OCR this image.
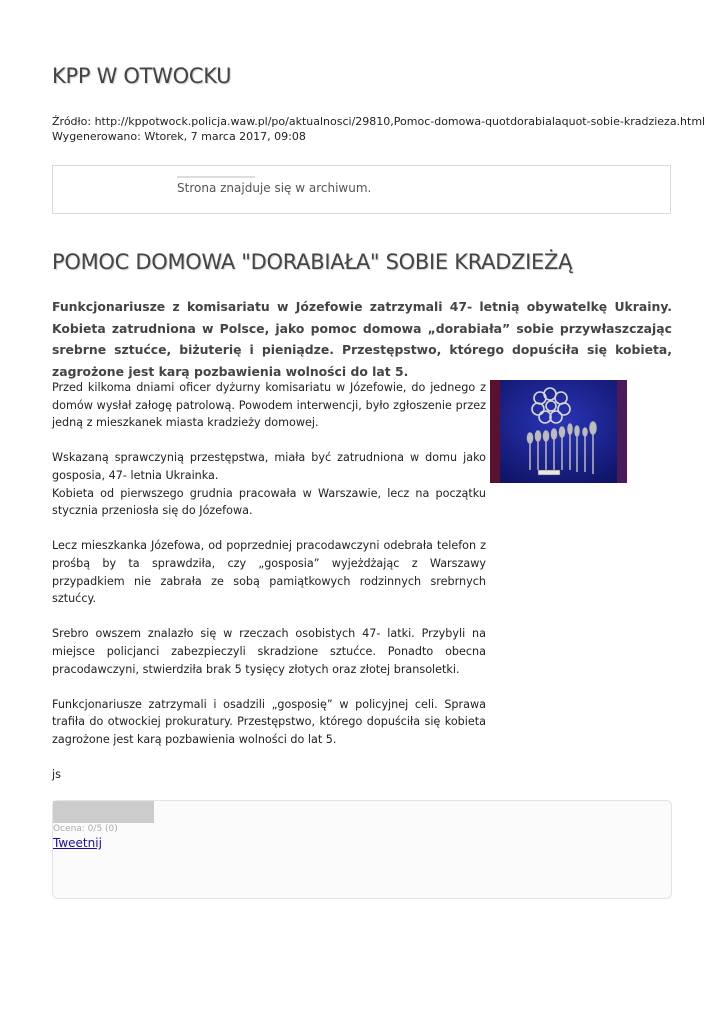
KPP W OTWOCKU
Źródło: http://kppotwock.policja.waw.pl/po/aktualnosci/29810,Pomoc-domowa-quotdorabialaquot-sobie-kradzieza.html
Wygenerowano: Wtorek, 7 marca 2017, 09:08
Strona znajduje się w archiwum.
POMOC DOMOWA "DORABIAŁA" SOBIE KRADZIEŻĄ

Funkcjonariusze z komisariatu w Józefowie zatrzymali 47- letnią obywatelkę Ukrainy. Kobieta zatrudniona w Polsce, jako pomoc domowa „dorabiała” sobie przywłaszczając srebrne sztućce, biżuterię i pieniądze. Przestępstwo, którego dopuściła się kobieta, zagrożone jest karą pozbawienia wolności do lat 5.

Przed kilkoma dniami oficer dyżurny komisariatu w Józefowie, do jednego z domów wysłał załogę patrolową. Powodem interwencji, było zgłoszenie przez jedną z mieszkanek miasta kradzieży domowej.

Wskazaną sprawczynią przestępstwa, miała być zatrudniona w domu jako gosposia, 47- letnia Ukrainka.
Kobieta od pierwszego grudnia pracowała w Warszawie, lecz na początku stycznia przeniosła się do Józefowa.

Lecz mieszkanka Józefowa, od poprzedniej pracodawczyni odebrała telefon z prośbą by ta sprawdziła, czy „gosposia” wyjeżdżając z Warszawy przypadkiem nie zabrała ze sobą pamiątkowych rodzinnych srebrnych sztućcy.

Srebro owszem znalazło się w rzeczach osobistych 47- latki. Przybyli na miejsce policjanci zabezpieczyli skradzione sztućce. Ponadto obecna pracodawczyni, stwierdziła brak 5 tysięcy złotych oraz złotej bransoletki.

Funkcjonariusze zatrzymali i osadzili „gosposię” w policyjnej celi. Sprawa trafiła do otwockiej prokuratury. Przestępstwo, którego dopuściła się kobieta zagrożone jest karą pozbawienia wolności do lat 5.

js

Ocena: 0/5 (0)
Tweetnij
